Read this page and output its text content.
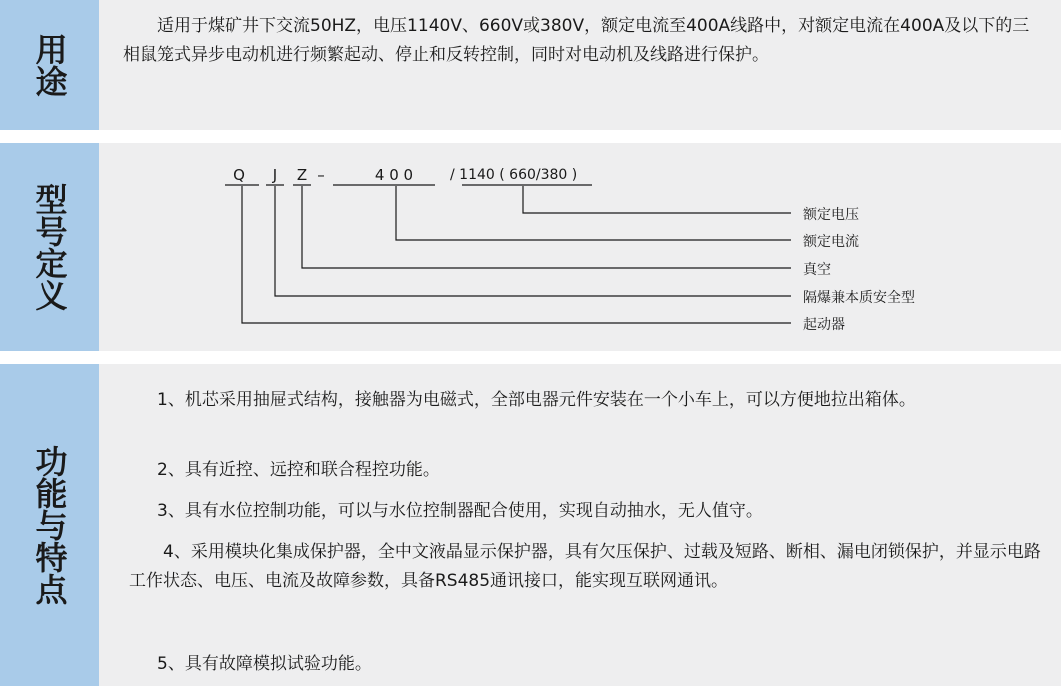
用途

适用于煤矿井下交流50HZ，电压1140V、660V或380V，额定电流至400A线路中，对额定电流在400A及以下的三相鼠笼式异步电动机进行频繁起动、停止和反转控制，同时对电动机及线路进行保护。

型号定义
Q J Z –	4 0 0	/ 1140 ( 660/380 )
额定电压
额定电流
真空
隔爆兼本质安全型
起动器
功能与特点

1、机芯采用抽屉式结构，接触器为电磁式，全部电器元件安装在一个小车上，可以方便地拉出箱体。

2、具有近控、远控和联合程控功能。

3、具有水位控制功能，可以与水位控制器配合使用，实现自动抽水，无人值守。

4、采用模块化集成保护器，全中文液晶显示保护器，具有欠压保护、过载及短路、断相、漏电闭锁保护，并显示电路工作状态、电压、电流及故障参数，具备RS485通讯接口，能实现互联网通讯。

5、具有故障模拟试验功能。
